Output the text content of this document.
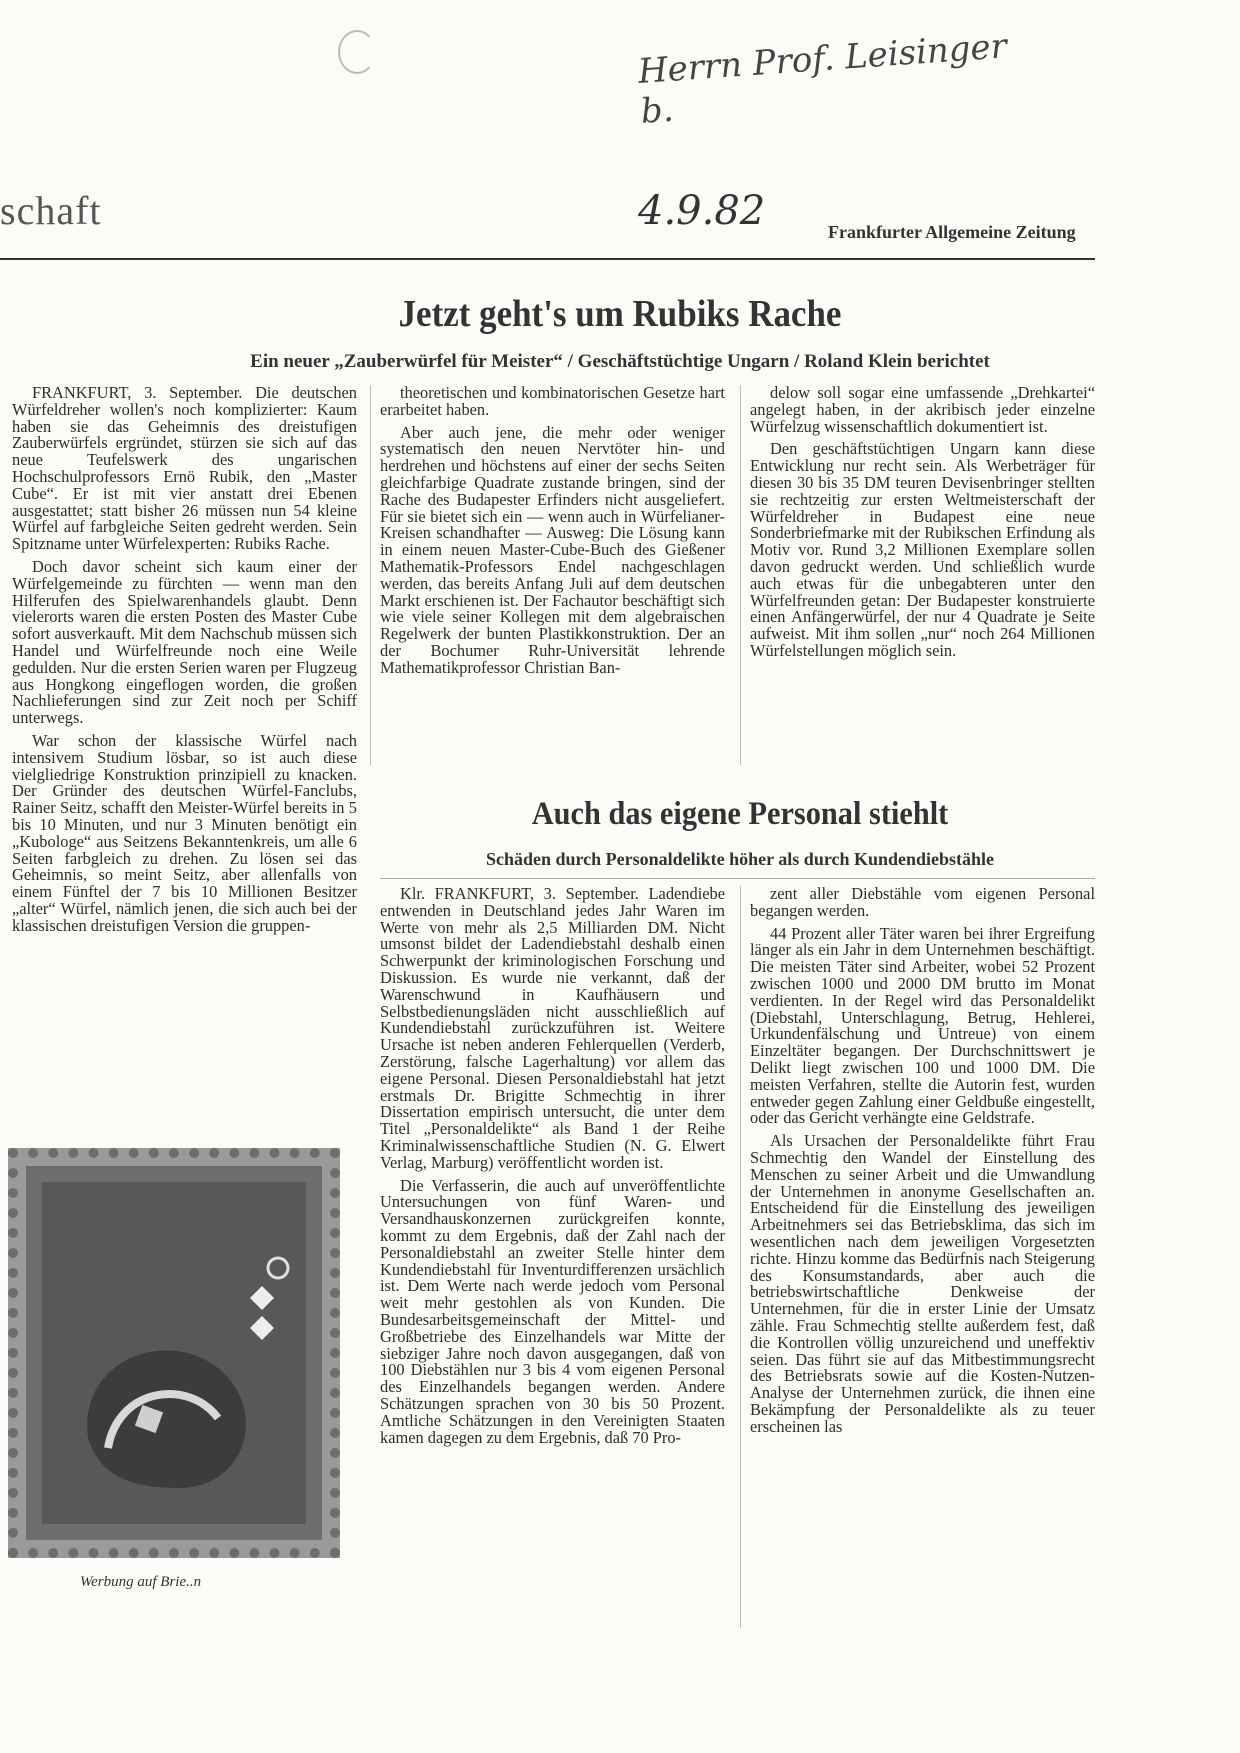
Herrn Prof. Leisinger b.
schaft	4.9.82	Frankfurter Allgemeine Zeitung
Jetzt geht's um Rubiks Rache
Ein neuer „Zauberwürfel für Meister“ / Geschäftstüchtige Ungarn / Roland Klein berichtet

FRANKFURT, 3. September. Die deutschen Würfeldreher wollen's noch komplizierter: Kaum haben sie das Geheimnis des dreistufigen Zauberwürfels ergründet, stürzen sie sich auf das neue Teufelswerk des ungarischen Hochschulprofessors Ernö Rubik, den „Master Cube“. Er ist mit vier anstatt drei Ebenen ausgestattet; statt bisher 26 müssen nun 54 kleine Würfel auf farbgleiche Seiten gedreht werden. Sein Spitzname unter Würfelexperten: Rubiks Rache.

Doch davor scheint sich kaum einer der Würfelgemeinde zu fürchten — wenn man den Hilferufen des Spielwarenhandels glaubt. Denn vielerorts waren die ersten Posten des Master Cube sofort ausverkauft. Mit dem Nachschub müssen sich Handel und Würfelfreunde noch eine Weile gedulden. Nur die ersten Serien waren per Flugzeug aus Hongkong eingeflogen worden, die großen Nachlieferungen sind zur Zeit noch per Schiff unterwegs.

War schon der klassische Würfel nach intensivem Studium lösbar, so ist auch diese vielgliedrige Konstruktion prinzipiell zu knacken. Der Gründer des deutschen Würfel-Fanclubs, Rainer Seitz, schafft den Meister-Würfel bereits in 5 bis 10 Minuten, und nur 3 Minuten benötigt ein „Kubologe“ aus Seitzens Bekanntenkreis, um alle 6 Seiten farbgleich zu drehen. Zu lösen sei das Geheimnis, so meint Seitz, aber allenfalls von einem Fünftel der 7 bis 10 Millionen Besitzer „alter“ Würfel, nämlich jenen, die sich auch bei der klassischen dreistufigen Version die gruppen-

theoretischen und kombinatorischen Gesetze hart erarbeitet haben.

Aber auch jene, die mehr oder weniger systematisch den neuen Nervtöter hin- und herdrehen und höchstens auf einer der sechs Seiten gleichfarbige Quadrate zustande bringen, sind der Rache des Budapester Erfinders nicht ausgeliefert. Für sie bietet sich ein — wenn auch in Würfelianer-Kreisen schandhafter — Ausweg: Die Lösung kann in einem neuen Master-Cube-Buch des Gießener Mathematik-Professors Endel nachgeschlagen werden, das bereits Anfang Juli auf dem deutschen Markt erschienen ist. Der Fachautor beschäftigt sich wie viele seiner Kollegen mit dem algebraischen Regelwerk der bunten Plastikkonstruktion. Der an der Bochumer Ruhr-Universität lehrende Mathematikprofessor Christian Ban-

delow soll sogar eine umfassende „Drehkartei“ angelegt haben, in der akribisch jeder einzelne Würfelzug wissenschaftlich dokumentiert ist.

Den geschäftstüchtigen Ungarn kann diese Entwicklung nur recht sein. Als Werbeträger für diesen 30 bis 35 DM teuren Devisenbringer stellten sie rechtzeitig zur ersten Weltmeisterschaft der Würfeldreher in Budapest eine neue Sonderbriefmarke mit der Rubikschen Erfindung als Motiv vor. Rund 3,2 Millionen Exemplare sollen davon gedruckt werden. Und schließlich wurde auch etwas für die unbegabteren unter den Würfelfreunden getan: Der Budapester konstruierte einen Anfängerwürfel, der nur 4 Quadrate je Seite aufweist. Mit ihm sollen „nur“ noch 264 Millionen Würfelstellungen möglich sein.

Werbung auf Brie..n
Auch das eigene Personal stiehlt
Schäden durch Personaldelikte höher als durch Kundendiebstähle

Klr. FRANKFURT, 3. September. Ladendiebe entwenden in Deutschland jedes Jahr Waren im Werte von mehr als 2,5 Milliarden DM. Nicht umsonst bildet der Ladendiebstahl deshalb einen Schwerpunkt der kriminologischen Forschung und Diskussion. Es wurde nie verkannt, daß der Warenschwund in Kaufhäusern und Selbstbedienungsläden nicht ausschließlich auf Kundendiebstahl zurückzuführen ist. Weitere Ursache ist neben anderen Fehlerquellen (Verderb, Zerstörung, falsche Lagerhaltung) vor allem das eigene Personal. Diesen Personaldiebstahl hat jetzt erstmals Dr. Brigitte Schmechtig in ihrer Dissertation empirisch untersucht, die unter dem Titel „Personaldelikte“ als Band 1 der Reihe Kriminalwissenschaftliche Studien (N. G. Elwert Verlag, Marburg) veröffentlicht worden ist.

Die Verfasserin, die auch auf unveröffentlichte Untersuchungen von fünf Waren- und Versandhauskonzernen zurückgreifen konnte, kommt zu dem Ergebnis, daß der Zahl nach der Personaldiebstahl an zweiter Stelle hinter dem Kundendiebstahl für Inventurdifferenzen ursächlich ist. Dem Werte nach werde jedoch vom Personal weit mehr gestohlen als von Kunden. Die Bundesarbeitsgemeinschaft der Mittel- und Großbetriebe des Einzelhandels war Mitte der siebziger Jahre noch davon ausgegangen, daß von 100 Diebstählen nur 3 bis 4 vom eigenen Personal des Einzelhandels begangen werden. Andere Schätzungen sprachen von 30 bis 50 Prozent. Amtliche Schätzungen in den Vereinigten Staaten kamen dagegen zu dem Ergebnis, daß 70 Pro-

zent aller Diebstähle vom eigenen Personal begangen werden.

44 Prozent aller Täter waren bei ihrer Ergreifung länger als ein Jahr in dem Unternehmen beschäftigt. Die meisten Täter sind Arbeiter, wobei 52 Prozent zwischen 1000 und 2000 DM brutto im Monat verdienten. In der Regel wird das Personaldelikt (Diebstahl, Unterschlagung, Betrug, Hehlerei, Urkundenfälschung und Untreue) von einem Einzeltäter begangen. Der Durchschnittswert je Delikt liegt zwischen 100 und 1000 DM. Die meisten Verfahren, stellte die Autorin fest, wurden entweder gegen Zahlung einer Geldbuße eingestellt, oder das Gericht verhängte eine Geldstrafe.

Als Ursachen der Personaldelikte führt Frau Schmechtig den Wandel der Einstellung des Menschen zu seiner Arbeit und die Umwandlung der Unternehmen in anonyme Gesellschaften an. Entscheidend für die Einstellung des jeweiligen Arbeitnehmers sei das Betriebsklima, das sich im wesentlichen nach dem jeweiligen Vorgesetzten richte. Hinzu komme das Bedürfnis nach Steigerung des Konsumstandards, aber auch die betriebswirtschaftliche Denkweise der Unternehmen, für die in erster Linie der Umsatz zähle. Frau Schmechtig stellte außerdem fest, daß die Kontrollen völlig unzureichend und uneffektiv seien. Das führt sie auf das Mitbestimmungsrecht des Betriebsrats sowie auf die Kosten-Nutzen-Analyse der Unternehmen zurück, die ihnen eine Bekämpfung der Personaldelikte als zu teuer erscheinen las
